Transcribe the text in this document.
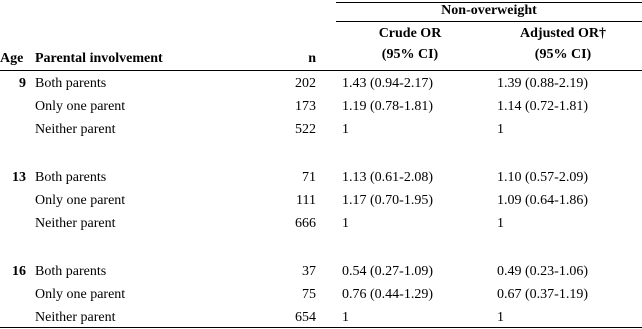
Non-overweight
Crude OR
(95% CI)
Adjusted OR†
(95% CI)
Age Parental involvement	n
9 Both parents	202 1.43 (0.94-2.17)	1.39 (0.88-2.19)
Only one parent	173 1.19 (0.78-1.81)	1.14 (0.72-1.81)
Neither parent	522 1	1
13 Both parents	71 1.13 (0.61-2.08)	1.10 (0.57-2.09)
Only one parent	111 1.17 (0.70-1.95)	1.09 (0.64-1.86)
Neither parent	666 1	1
16 Both parents	37 0.54 (0.27-1.09)	0.49 (0.23-1.06)
Only one parent	75 0.76 (0.44-1.29)	0.67 (0.37-1.19)
Neither parent	654 1	1
